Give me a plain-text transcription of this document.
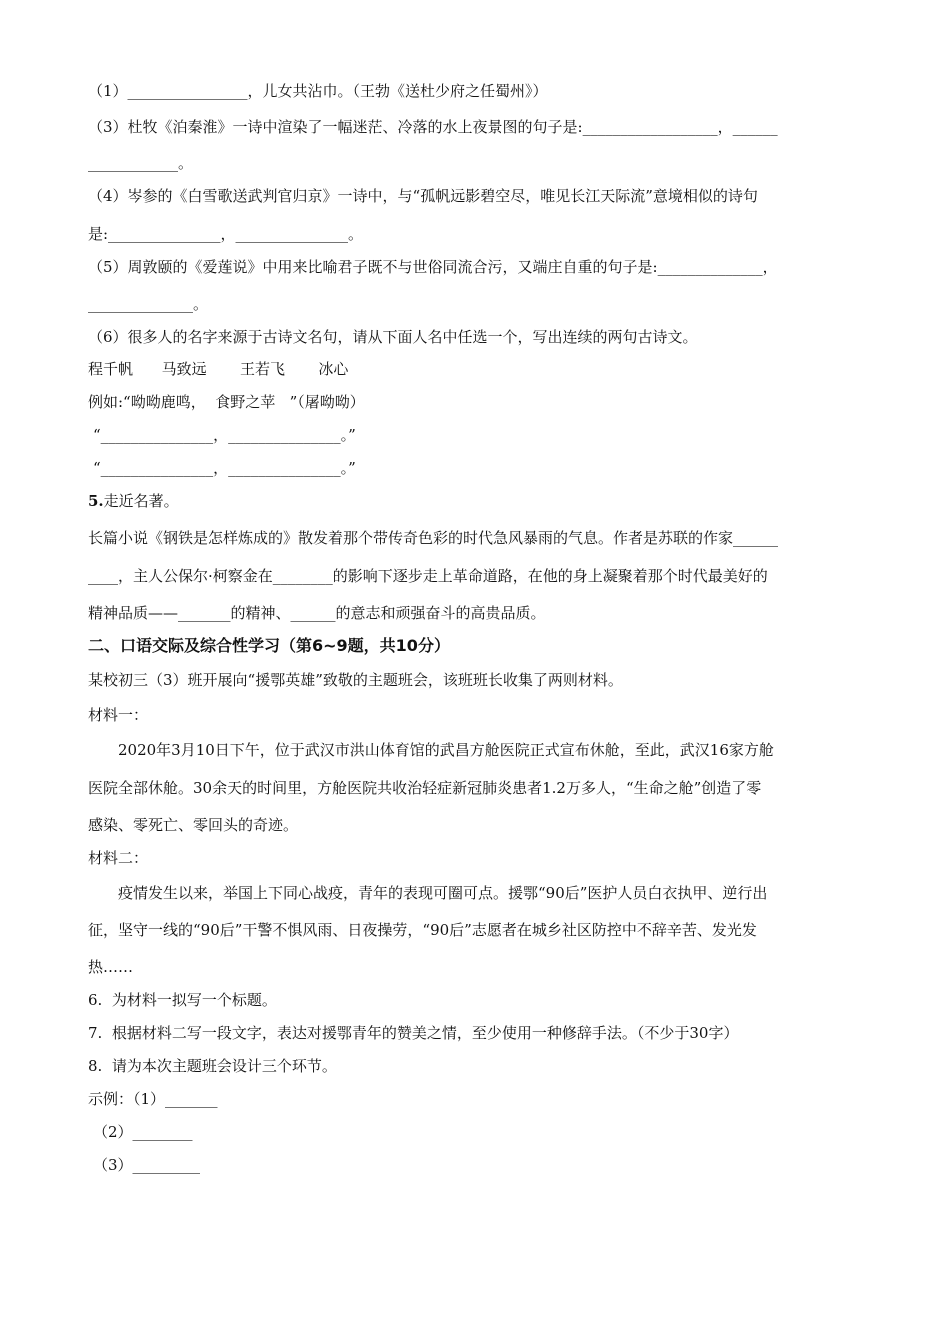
（1）________________，儿女共沾巾。（王勃《送杜少府之任蜀州》）
（3）杜牧《泊秦淮》一诗中渲染了一幅迷茫、冷落的水上夜景图的句子是:__________________，______
____________。
（4）岑参的《白雪歌送武判官归京》一诗中，与“孤帆远影碧空尽，唯见长江天际流”意境相似的诗句
是:_______________，_______________。
（5）周敦颐的《爱莲说》中用来比喻君子既不与世俗同流合污，又端庄自重的句子是:______________，
______________。
（6）很多人的名字来源于古诗文名句，请从下面人名中任选一个，写出连续的两句古诗文。
程千帆      马致远       王若飞       冰心
例如:“呦呦鹿鸣，  食野之苹   ”（屠呦呦）
“_______________，_______________。”
“_______________，_______________。”
5.走近名著。
长篇小说《钢铁是怎样炼成的》散发着那个带传奇色彩的时代急风暴雨的气息。作者是苏联的作家______
____，主人公保尔·柯察金在________的影响下逐步走上革命道路，在他的身上凝聚着那个时代最美好的
精神品质——_______的精神、______的意志和顽强奋斗的高贵品质。
二、口语交际及综合性学习（第6~9题，共10分）
某校初三（3）班开展向“援鄂英雄”致敬的主题班会，该班班长收集了两则材料。
材料一：
2020年3月10日下午，位于武汉市洪山体育馆的武昌方舱医院正式宣布休舱，至此，武汉16家方舱
医院全部休舱。30余天的时间里，方舱医院共收治轻症新冠肺炎患者1.2万多人，“生命之舱”创造了零
感染、零死亡、零回头的奇迹。
材料二：
疫情发生以来，举国上下同心战疫，青年的表现可圈可点。援鄂“90后”医护人员白衣执甲、逆行出
征，坚守一线的“90后”干警不惧风雨、日夜操劳，“90后”志愿者在城乡社区防控中不辞辛苦、发光发
热……
6.  为材料一拟写一个标题。
7.  根据材料二写一段文字，表达对援鄂青年的赞美之情，至少使用一种修辞手法。（不少于30字）
8.  请为本次主题班会设计三个环节。
示例：（1）_______
（2）________
（3）_________
